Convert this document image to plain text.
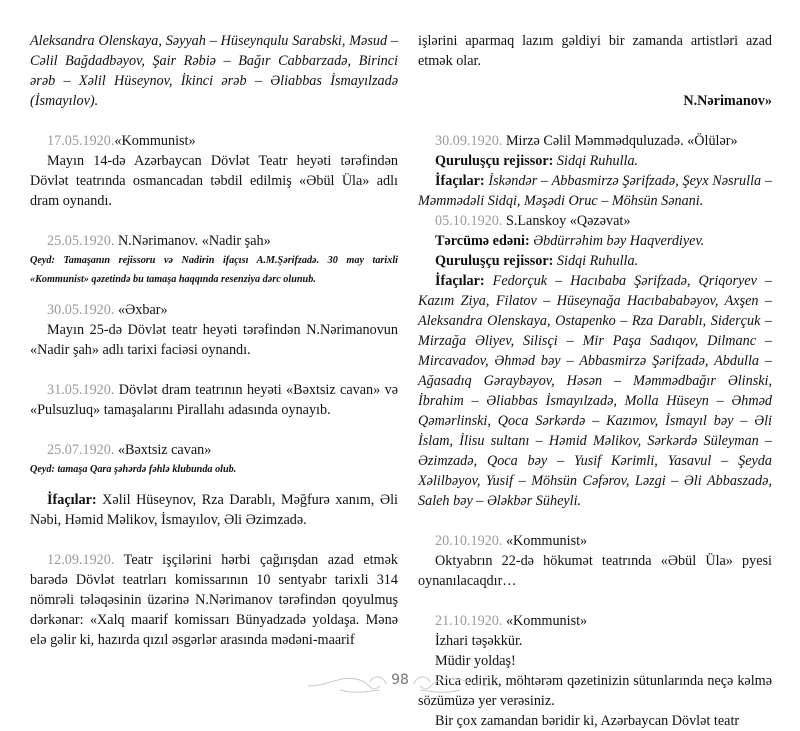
Aleksandra Olenskaya, Səyyah – Hüseynqulu Sarabski, Məsud – Cəlil Bağdadbəyov, Şair Rəbiə – Bağır Cabbarzadə, Birinci ərəb – Xəlil Hüseynov, İkinci ərəb – Əliabbas İsmayılzadə (İsmayılov).

17.05.1920.«Kommunist»

Mayın 14-də Azərbaycan Dövlət Teatr heyəti tərəfindən Dövlət teatrında osmancadan təbdil edilmiş «Əbül Üla» adlı dram oynandı.

25.05.1920. N.Nərimanov. «Nadir şah»

Qeyd: Tamaşanın rejissoru və Nadirin ifaçısı A.M.Şərifzadə. 30 may tarixli «Kommunist» qəzetində bu tamaşa haqqında resenziya dərc olunub.

30.05.1920. «Əxbar»

Mayın 25-də Dövlət teatr heyəti tərəfindən N.Nərimanovun «Nadir şah» adlı tarixi faciəsi oynandı.

31.05.1920. Dövlət dram teatrının heyəti «Bəxtsiz cavan» və «Pulsuzluq» tamaşalarını Pirallahı adasında oynayıb.

25.07.1920. «Bəxtsiz cavan»

Qeyd: tamaşa Qara şəhərdə fəhlə klubunda olub.

İfaçılar: Xəlil Hüseynov, Rza Darablı, Məğfurə xanım, Əli Nəbi, Həmid Məlikov, İsmayılov, Əli Əzimzadə.

12.09.1920. Teatr işçilərini hərbi çağırışdan azad etmək barədə Dövlət teatrları komissarının 10 sentyabr tarixli 314 nömrəli tələqəsinin üzərinə N.Nərimanov tərəfindən qoyulmuş dərkənar: «Xalq maarif komissarı Bünyadzadə yoldaşa. Mənə elə gəlir ki, hazırda qızıl əsgərlər arasında mədəni-maarif

işlərini aparmaq lazım gəldiyi bir zamanda artistləri azad etmək olar.

N.Nərimanov»

30.09.1920. Mirzə Cəlil Məmmədquluzadə. «Ölülər»

Quruluşçu rejissor: Sidqi Ruhulla.

İfaçılar: İskəndər – Abbasmirzə Şərifzadə, Şeyx Nəsrulla – Məmmədəli Sidqi, Məşədi Oruc – Möhsün Sənani.

05.10.1920. S.Lanskoy «Qəzəvat»

Tərcümə edəni: Əbdürrəhim bəy Haqverdiyev.

Quruluşçu rejissor: Sidqi Ruhulla.

İfaçılar: Fedorçuk – Hacıbaba Şərifzadə, Qriqoryev – Kazım Ziya, Filatov – Hüseynağa Hacıbababəyov, Axşen – Aleksandra Olenskaya, Ostapenko – Rza Darablı, Siderçuk – Mirzağa Əliyev, Silisçi – Mir Paşa Sadıqov, Dilmanc – Mircavadov, Əhməd bəy – Abbasmirzə Şərifzadə, Abdulla – Ağasadıq Gəraybəyov, Həsən – Məmmədbağır Əlinski, İbrahim – Əliabbas İsmayılzadə, Molla Hüseyn – Əhməd Qəmərlinski, Qoca Sərkərdə – Kazımov, İsmayıl bəy – Əli İslam, İlisu sultanı – Həmid Məlikov, Sərkərdə Süleyman – Əzimzadə, Qoca bəy – Yusif Kərimli, Yasavul – Şeyda Xəlilbəyov, Yusif – Möhsün Cəfərov, Ləzgi – Əli Abbaszadə, Saleh bəy – Ələkbər Süheyli.

20.10.1920. «Kommunist»

Oktyabrın 22-də hökumət teatrında «Əbül Üla» pyesi oynanılacaqdır…

21.10.1920. «Kommunist»

İzhari təşəkkür.

Müdir yoldaş!

Rica edirik, möhtərəm qəzetinizin sütunlarında neçə kəlmə sözümüzə yer verəsiniz.

Bir çox zamandan bəridir ki, Azərbaycan Dövlət teatr

98
